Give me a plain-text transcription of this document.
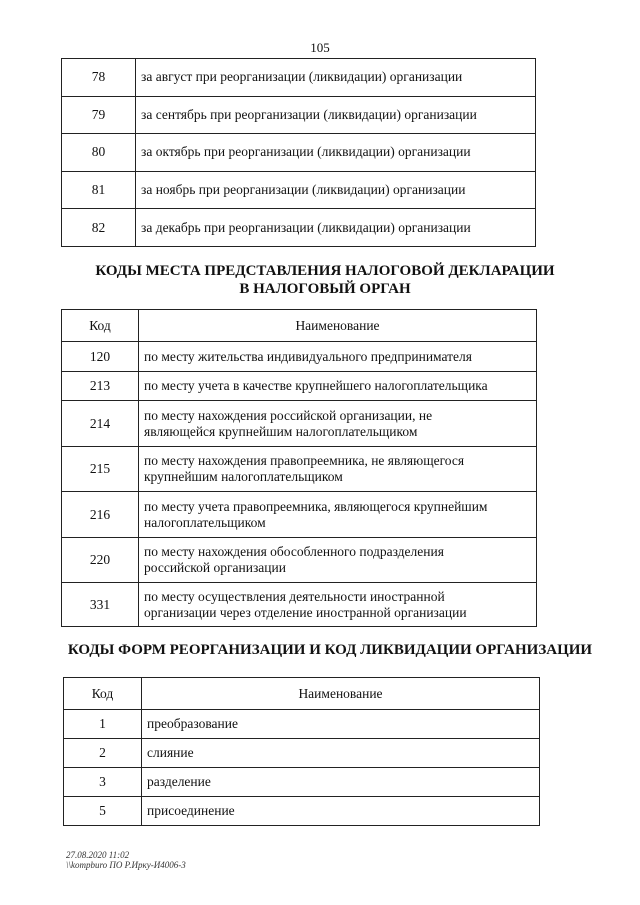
105
78	за август при реорганизации (ликвидации) организации
79	за сентябрь при реорганизации (ликвидации) организации
80	за октябрь при реорганизации (ликвидации) организации
81	за ноябрь при реорганизации (ликвидации) организации
82	за декабрь при реорганизации (ликвидации) организации
КОДЫ МЕСТА ПРЕДСТАВЛЕНИЯ НАЛОГОВОЙ ДЕКЛАРАЦИИ
В НАЛОГОВЫЙ ОРГАН
Код	Наименование
120	по месту жительства индивидуального предпринимателя

213	по месту учета в качестве крупнейшего налогоплательщика

214	по месту нахождения российской организации, не
являющейся крупнейшим налогоплательщиком

215	по месту нахождения правопреемника, не являющегося
крупнейшим налогоплательщиком

216	по месту учета правопреемника, являющегося крупнейшим
налогоплательщиком

220	по месту нахождения обособленного подразделения
российской организации

331	по месту осуществления деятельности иностранной
организации через отделение иностранной организации
КОДЫ ФОРМ РЕОРГАНИЗАЦИИ И КОД ЛИКВИДАЦИИ ОРГАНИЗАЦИИ
Код	Наименование
1	преобразование
2	слияние
3	разделение
5	присоединение
27.08.2020 11:02
\\kompburo ПО Р.Ирку-И4006-3
